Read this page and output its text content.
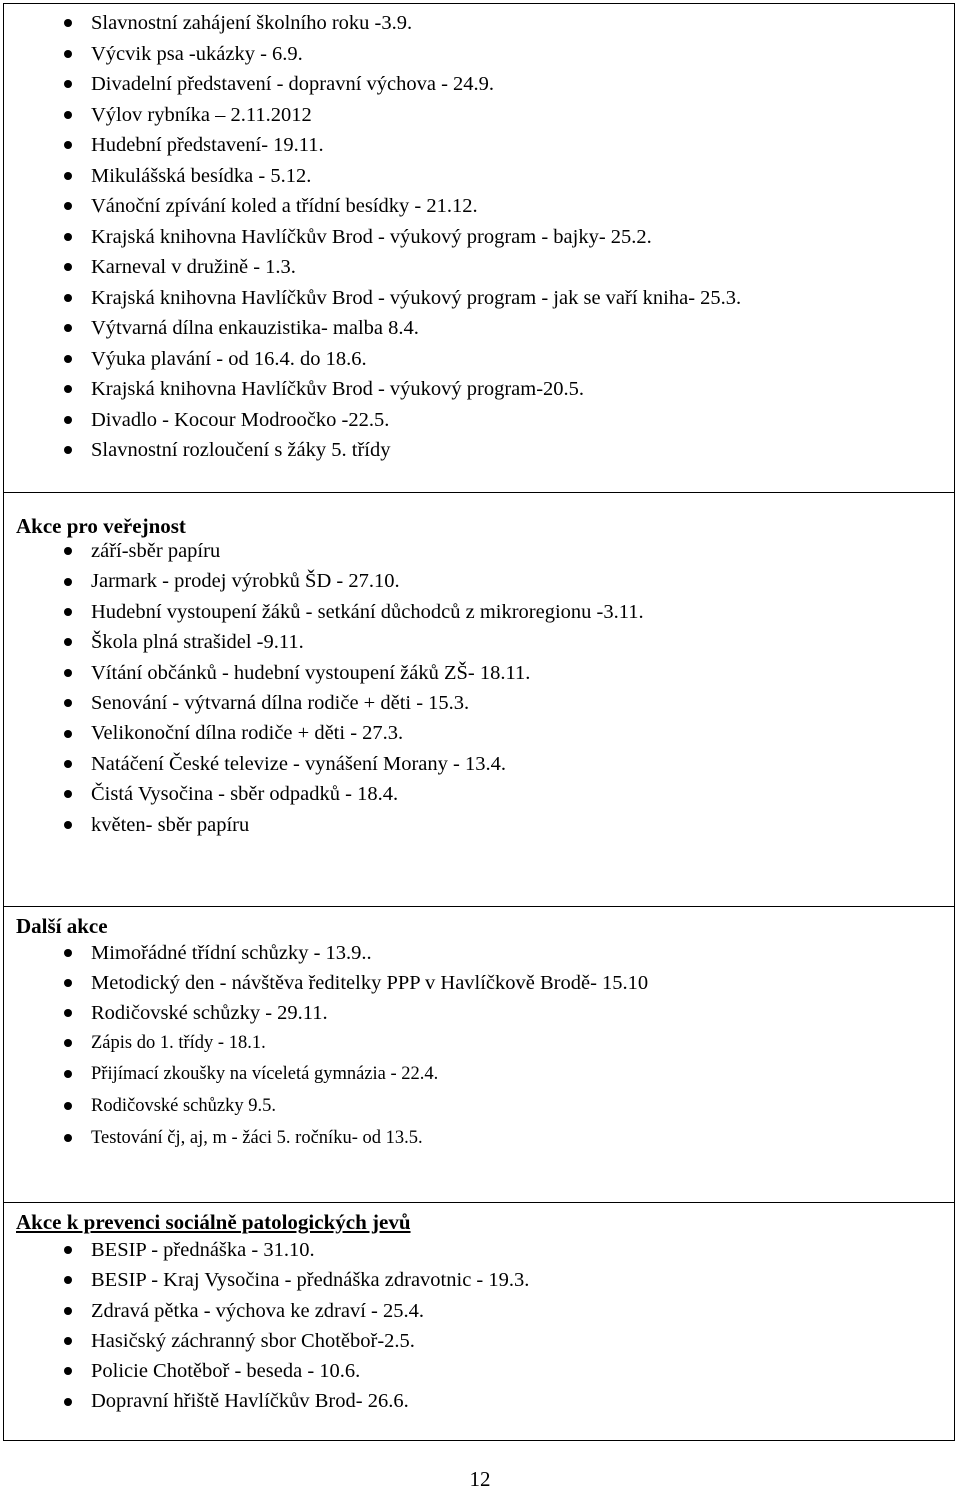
Slavnostní zahájení školního roku -3.9.
Výcvik psa -ukázky - 6.9.
Divadelní představení - dopravní výchova - 24.9.
Výlov rybníka – 2.11.2012
Hudební představení- 19.11.
Mikulášská besídka - 5.12.
Vánoční zpívání koled a třídní besídky - 21.12.
Krajská knihovna Havlíčkův Brod - výukový program - bajky- 25.2.
Karneval v družině - 1.3.
Krajská knihovna Havlíčkův Brod - výukový program - jak se vaří kniha- 25.3.
Výtvarná dílna enkauzistika- malba 8.4.
Výuka plavání - od 16.4. do 18.6.
Krajská knihovna Havlíčkův Brod - výukový program-20.5.
Divadlo - Kocour Modroočko -22.5.
Slavnostní rozloučení s žáky 5. třídy
Akce pro veřejnost
září-sběr papíru
Jarmark - prodej výrobků ŠD - 27.10.
Hudební vystoupení žáků - setkání důchodců z mikroregionu -3.11.
Škola plná strašidel -9.11.
Vítání občánků - hudební vystoupení žáků ZŠ- 18.11.
Senování - výtvarná dílna rodiče + děti - 15.3.
Velikonoční dílna rodiče + děti - 27.3.
Natáčení České televize - vynášení Morany - 13.4.
Čistá Vysočina - sběr odpadků - 18.4.
květen- sběr papíru
Další akce
Mimořádné třídní schůzky - 13.9..
Metodický den - návštěva ředitelky PPP v Havlíčkově Brodě- 15.10
Rodičovské schůzky - 29.11.
Zápis do 1. třídy - 18.1.
Přijímací zkoušky na víceletá gymnázia - 22.4.
Rodičovské schůzky 9.5.
Testování čj, aj, m - žáci 5. ročníku- od 13.5.
Akce k prevenci sociálně patologických jevů
BESIP - přednáška - 31.10.
BESIP - Kraj Vysočina - přednáška zdravotnic - 19.3.
Zdravá pětka - výchova ke zdraví - 25.4.
Hasičský záchranný sbor Chotěboř-2.5.
Policie Chotěboř - beseda - 10.6.
Dopravní hřiště Havlíčkův Brod- 26.6.
12
